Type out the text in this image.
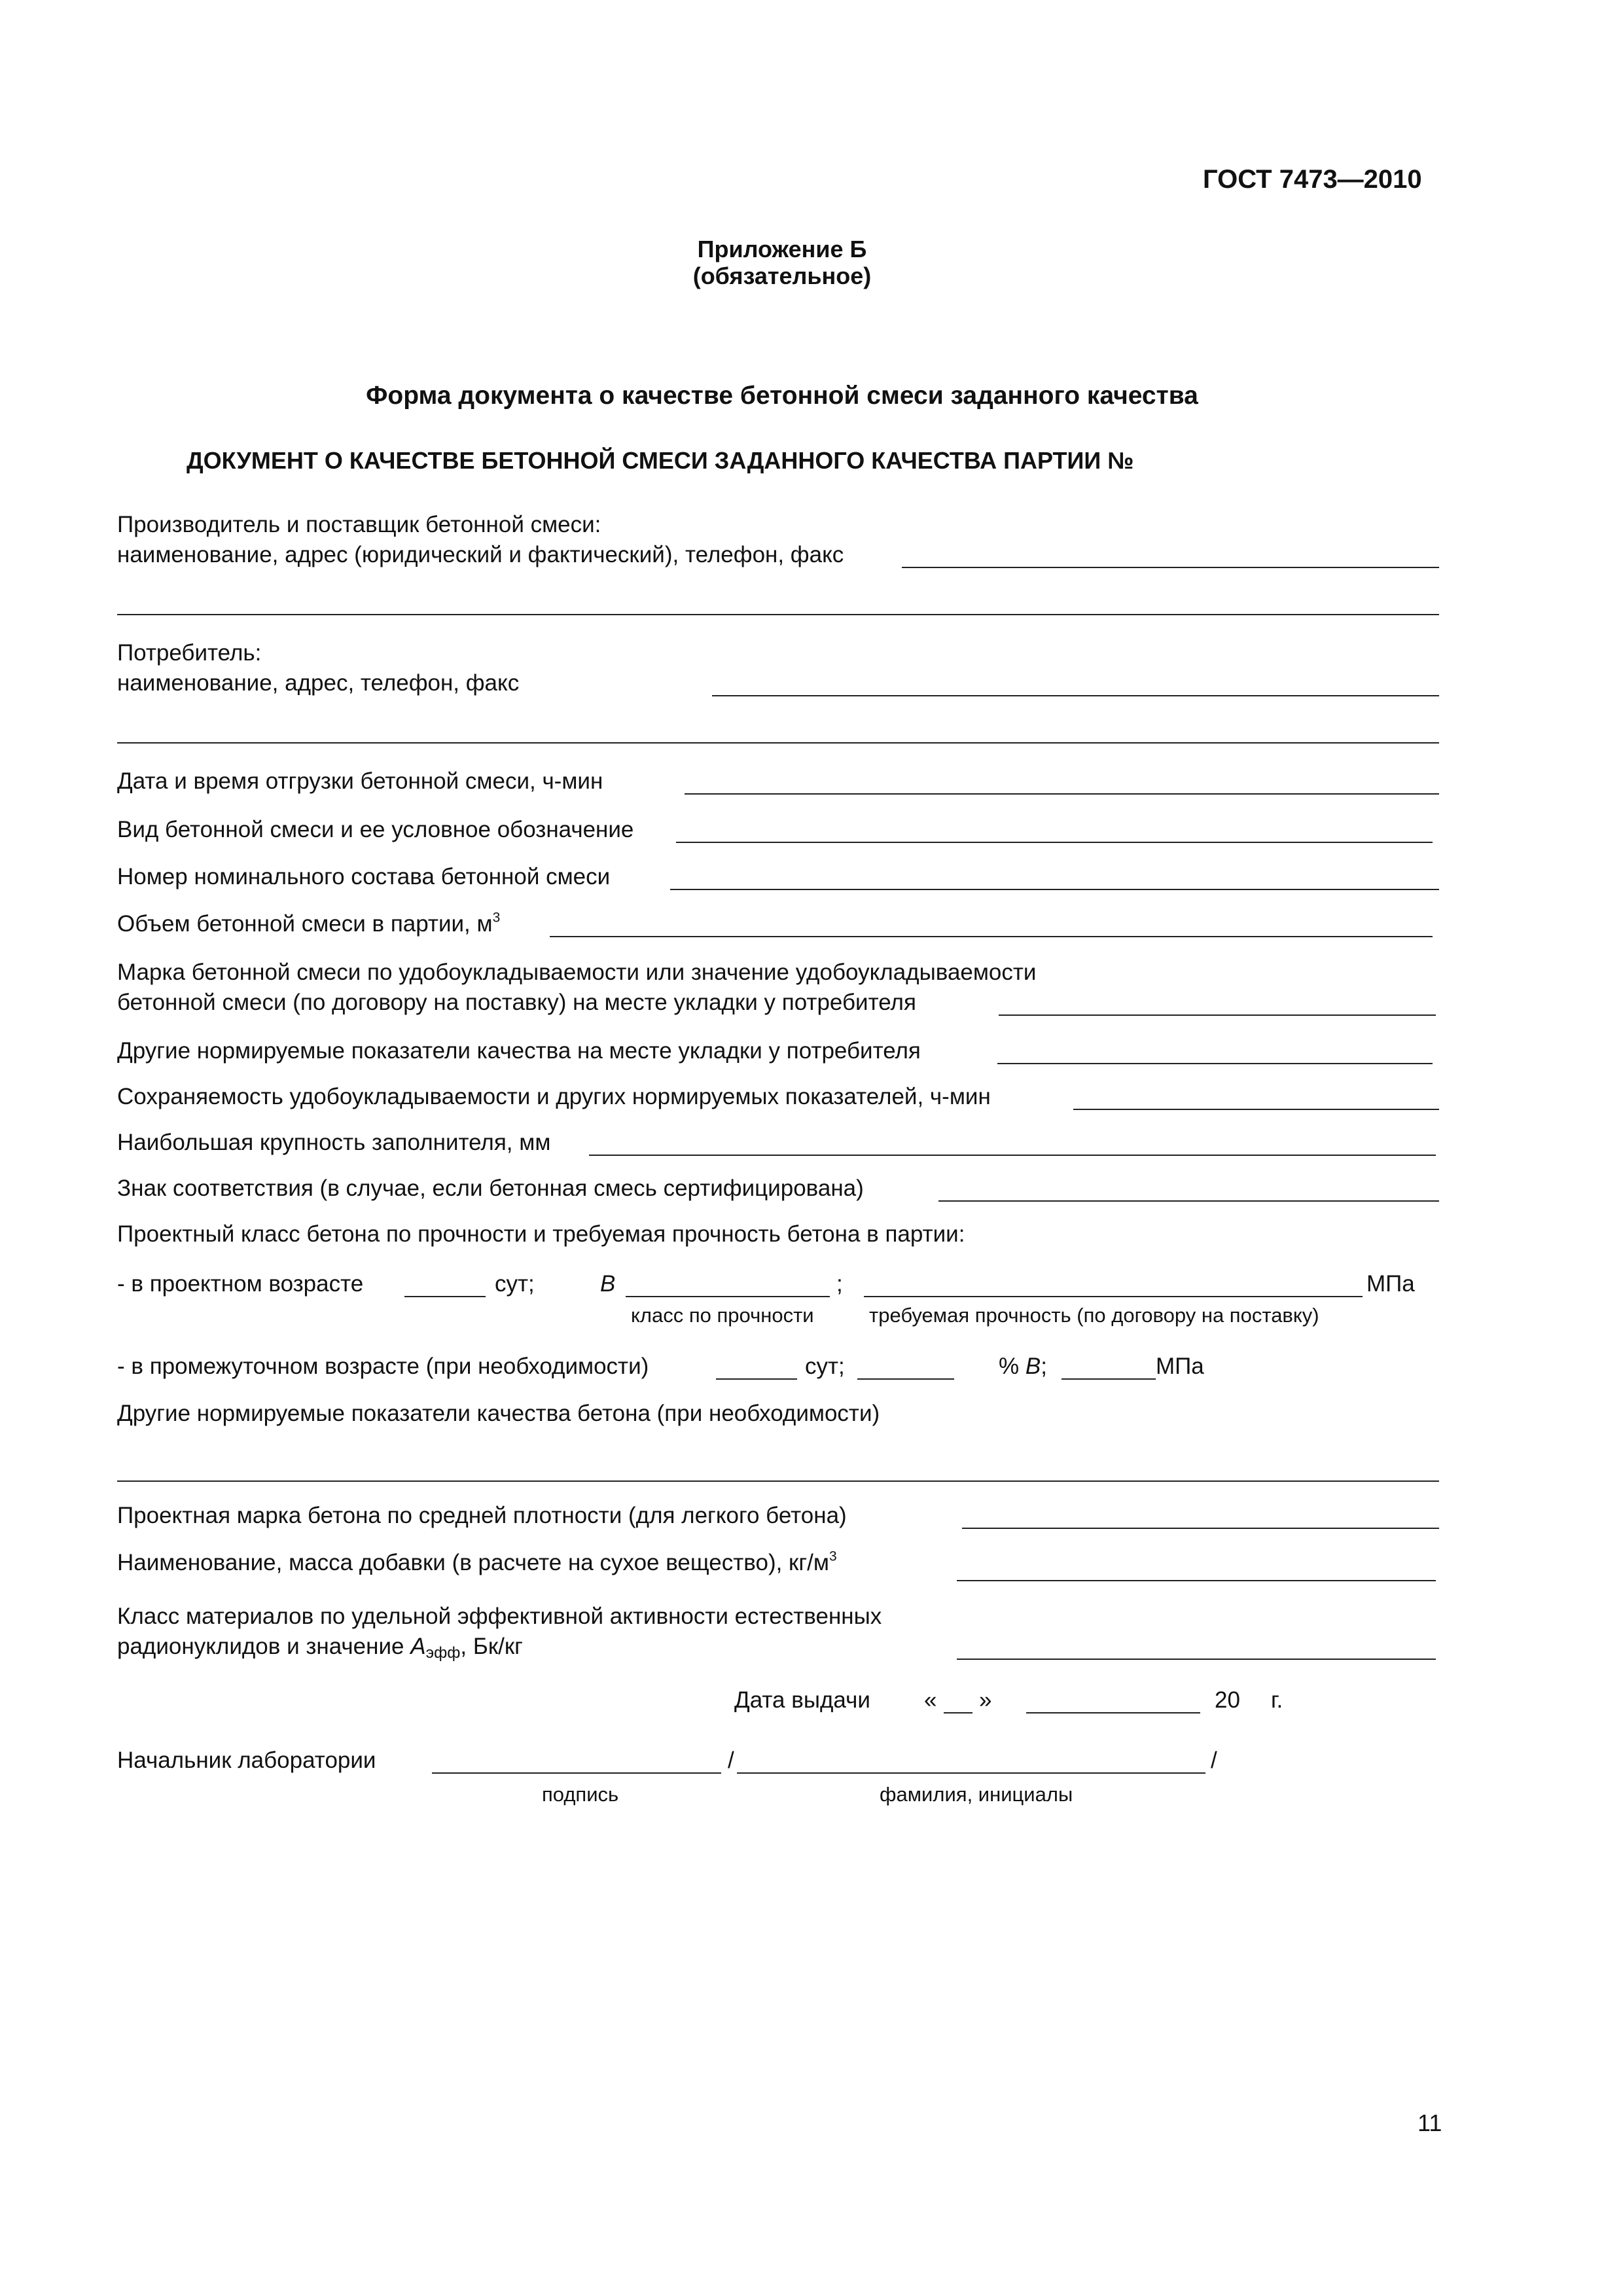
ГОСТ 7473—2010
Приложение Б
(обязательное)
Форма документа о качестве бетонной смеси заданного качества
ДОКУМЕНТ О КАЧЕСТВЕ БЕТОННОЙ СМЕСИ ЗАДАННОГО КАЧЕСТВА ПАРТИИ №
Производитель и поставщик бетонной смеси:
наименование, адрес (юридический и фактический), телефон, факс
Потребитель:
наименование, адрес, телефон, факс
Дата и время отгрузки бетонной смеси, ч-мин
Вид бетонной смеси и ее условное обозначение
Номер номинального состава бетонной смеси
Объем бетонной смеси в партии, $м^3$
Марка бетонной смеси по удобоукладываемости или значение удобоукладываемости
бетонной смеси (по договору на поставку) на месте укладки у потребителя
Другие нормируемые показатели качества на месте укладки у потребителя
Сохраняемость удобоукладываемости и других нормируемых показателей, ч-мин
Наибольшая крупность заполнителя, мм
Знак соответствия (в случае, если бетонная смесь сертифицирована)
Проектный класс бетона по прочности и требуемая прочность бетона в партии:
- в проектном возрасте	сут;	B	;	МПа
класс по прочности	требуемая прочность (по договору на поставку)
- в промежуточном возрасте (при необходимости)	сут;	% B;	МПа
Другие нормируемые показатели качества бетона (при необходимости)
Проектная марка бетона по средней плотности (для легкого бетона)
Наименование, масса добавки (в расчете на сухое вещество), $кг/м^3$
Класс материалов по удельной эффективной активности естественных
радионуклидов и значение $A_{эфф}$, Бк/кг
Дата выдачи « »	20 г.
Начальник лаборатории	/	/
подпись	фамилия, инициалы
11
